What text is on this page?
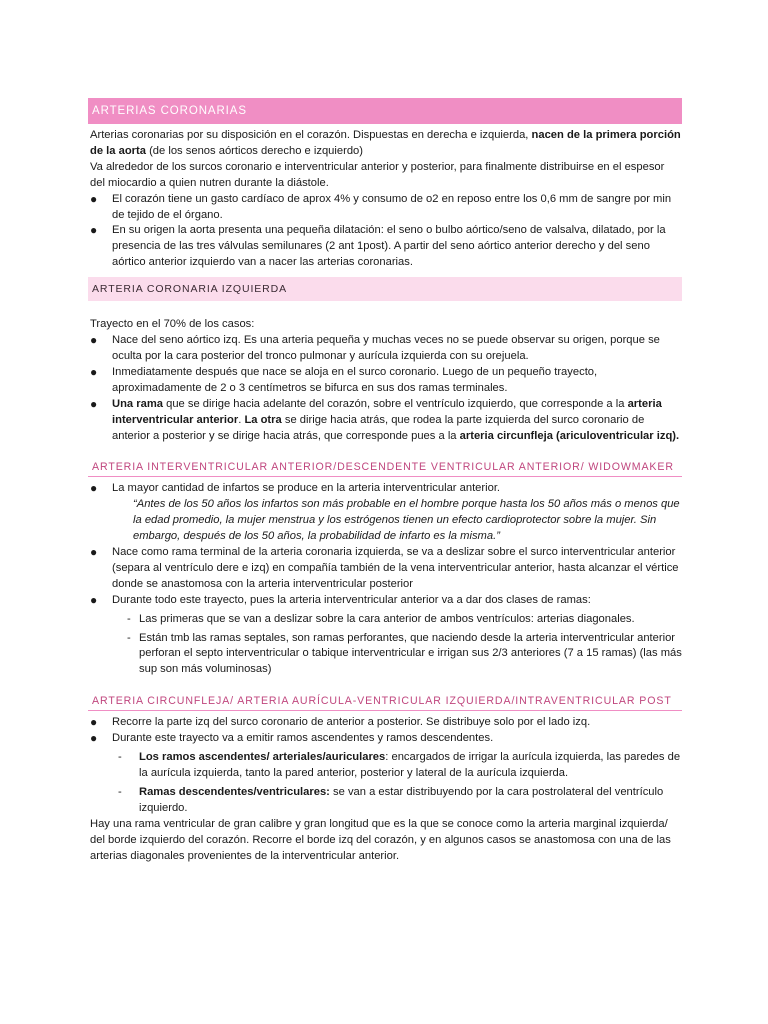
ARTERIAS CORONARIAS

Arterias coronarias por su disposición en el corazón. Dispuestas en derecha e izquierda, nacen de la primera porción de la aorta (de los senos aórticos derecho e izquierdo)

Va alrededor de los surcos coronario e interventricular anterior y posterior, para finalmente distribuirse en el espesor del miocardio a quien nutren durante la diástole.

● El corazón tiene un gasto cardíaco de aprox 4% y consumo de o2 en reposo entre los 0,6 mm de sangre por min de tejido de el órgano.
● En su origen la aorta presenta una pequeña dilatación: el seno o bulbo aórtico/seno de valsalva, dilatado, por la presencia de las tres válvulas semilunares (2 ant 1post). A partir del seno aórtico anterior derecho y del seno aórtico anterior izquierdo van a nacer las arterias coronarias.
ARTERIA CORONARIA IZQUIERDA

Trayecto en el 70% de los casos:

● Nace del seno aórtico izq. Es una arteria pequeña y muchas veces no se puede observar su origen, porque se oculta por la cara posterior del tronco pulmonar y aurícula izquierda con su orejuela.
● Inmediatamente después que nace se aloja en el surco coronario. Luego de un pequeño trayecto, aproximadamente de 2 o 3 centímetros se bifurca en sus dos ramas terminales.
● Una rama que se dirige hacia adelante del corazón, sobre el ventrículo izquierdo, que corresponde a la arteria interventricular anterior. La otra se dirige hacia atrás, que rodea la parte izquierda del surco coronario de anterior a posterior y se dirige hacia atrás, que corresponde pues a la arteria circunfleja (ariculoventricular izq).
ARTERIA INTERVENTRICULAR ANTERIOR/DESCENDENTE VENTRICULAR ANTERIOR/ WIDOWMAKER
● La mayor cantidad de infartos se produce en la arteria interventricular anterior.

“Antes de los 50 años los infartos son más probable en el hombre porque hasta los 50 años más o menos que la edad promedio, la mujer menstrua y los estrógenos tienen un efecto cardioprotector sobre la mujer. Sin embargo, después de los 50 años, la probabilidad de infarto es la misma.”

● Nace como rama terminal de la arteria coronaria izquierda, se va a deslizar sobre el surco interventricular anterior (separa al ventrículo dere e izq) en compañía también de la vena interventricular anterior, hasta alcanzar el vértice donde se anastomosa con la arteria interventricular posterior
● Durante todo este trayecto, pues la arteria interventricular anterior va a dar dos clases de ramas:
- Las primeras que se van a deslizar sobre la cara anterior de ambos ventrículos: arterias diagonales.
- Están tmb las ramas septales, son ramas perforantes, que naciendo desde la arteria interventricular anterior perforan el septo interventricular o tabique interventricular e irrigan sus 2/3 anteriores (7 a 15 ramas) (las más sup son más voluminosas)
ARTERIA CIRCUNFLEJA/ ARTERIA AURÍCULA-VENTRICULAR IZQUIERDA/INTRAVENTRICULAR POST
● Recorre la parte izq del surco coronario de anterior a posterior. Se distribuye solo por el lado izq.
● Durante este trayecto va a emitir ramos ascendentes y ramos descendentes.
- Los ramos ascendentes/ arteriales/auriculares: encargados de irrigar la aurícula izquierda, las paredes de la aurícula izquierda, tanto la pared anterior, posterior y lateral de la aurícula izquierda.
- Ramas descendentes/ventriculares: se van a estar distribuyendo por la cara postrolateral del ventrículo izquierdo.

Hay una rama ventricular de gran calibre y gran longitud que es la que se conoce como la arteria marginal izquierda/ del borde izquierdo del corazón. Recorre el borde izq del corazón, y en algunos casos se anastomosa con una de las arterias diagonales provenientes de la interventricular anterior.
